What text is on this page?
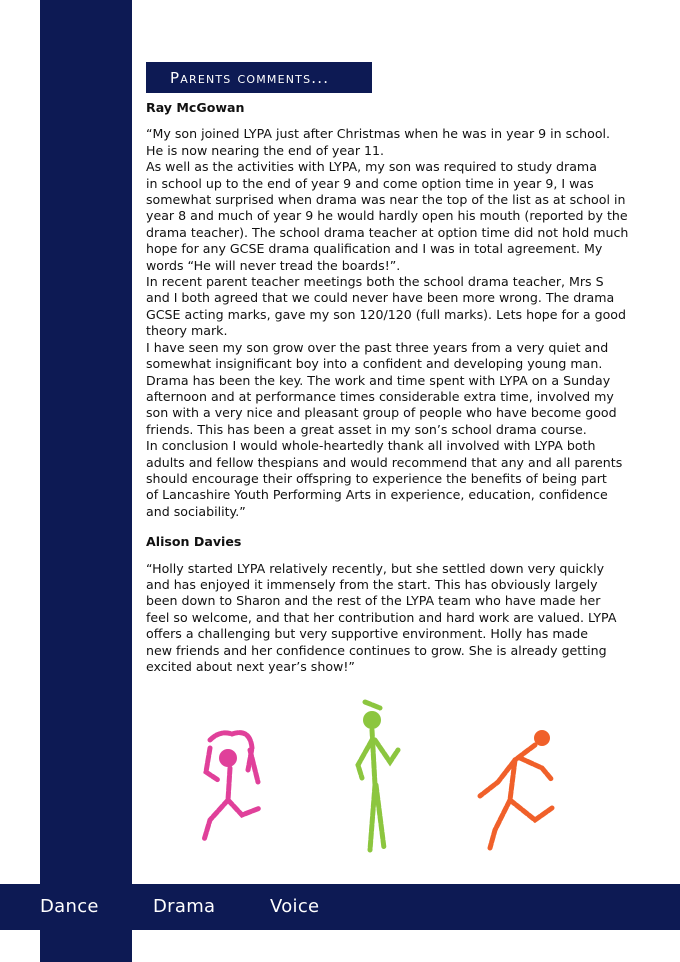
Dance	Drama	Voice
Parents comments...
Ray McGowan

“My son joined LYPA just after Christmas when he was in year 9 in school.
He is now nearing the end of year 11.
As well as the activities with LYPA, my son was required to study drama
in school up to the end of year 9 and come option time in year 9, I was
somewhat surprised when drama was near the top of the list as at school in
year 8 and much of year 9 he would hardly open his mouth (reported by the
drama teacher). The school drama teacher at option time did not hold much
hope for any GCSE drama qualification and I was in total agreement. My
words “He will never tread the boards!”.
In recent parent teacher meetings both the school drama teacher, Mrs S
and I both agreed that we could never have been more wrong. The drama
GCSE acting marks, gave my son 120/120 (full marks). Lets hope for a good
theory mark.
I have seen my son grow over the past three years from a very quiet and
somewhat insignificant boy into a confident and developing young man.
Drama has been the key. The work and time spent with LYPA on a Sunday
afternoon and at performance times considerable extra time, involved my
son with a very nice and pleasant group of people who have become good
friends. This has been a great asset in my son’s school drama course.
In conclusion I would whole-heartedly thank all involved with LYPA both
adults and fellow thespians and would recommend that any and all parents
should encourage their offspring to experience the benefits of being part
of Lancashire Youth Performing Arts in experience, education, confidence
and sociability.”

Alison Davies

“Holly started LYPA relatively recently, but she settled down very quickly
and has enjoyed it immensely from the start. This has obviously largely
been down to Sharon and the rest of the LYPA team who have made her
feel so welcome, and that her contribution and hard work are valued. LYPA
offers a challenging but very supportive environment. Holly has made
new friends and her confidence continues to grow. She is already getting
excited about next year’s show!”
